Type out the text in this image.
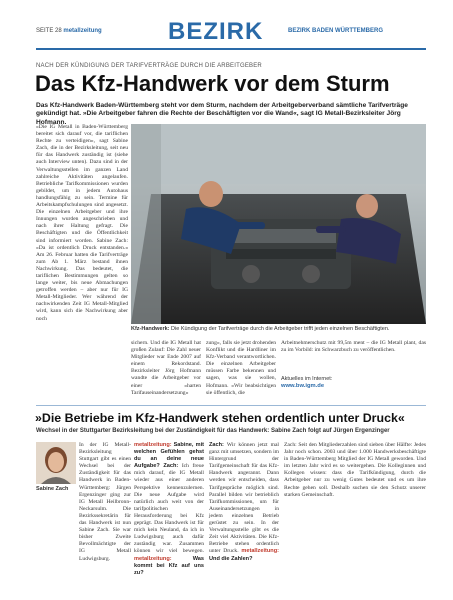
SEITE 28 metallzeitung	BEZIRK	BEZIRK BADEN WÜRTTEMBERG
NACH DER KÜNDIGUNG DER TARIFVERTRÄGE DURCH DIE ARBEITGEBER
Das Kfz-Handwerk vor dem Sturm
Das Kfz-Handwerk Baden-Württemberg steht vor dem Sturm, nachdem der Arbeitgeberverband sämtliche Tarifverträge gekündigt hat. »Die Arbeitgeber fahren die Rechte der Beschäftigten vor die Wand«, sagt IG Metall-Bezirksleiter Jörg Hofmann.
»Die IG Metall in Baden-Württemberg bereitet sich darauf vor, die tariflichen Rechte zu verteidigen«, sagt Sabine Zach, die in der Bezirksleitung, seit neu für das Handwerk zuständig ist (siehe auch Interview unten). Dazu sind in der Verwaltungsstellen im ganzen Land zahlreiche Aktivitäten angelaufen. Betriebliche Tarifkommissionen wurden gebildet, um in jedem Autohaus handlungsfähig zu sein. Termine für Arbeitskampfschulungen sind angesetzt. Die einzelnen Arbeitgeber und ihre Innungen wurden angeschrieben und nach ihrer Haltung gefragt. Die Beschäftigten und die Öffentlichkeit sind informiert worden. Sabine Zach: »Da ist ordentlich Druck entstanden.« Am 26. Februar hatten die Tarifverträge zum Ab 1. März bestand ihnen Nachwirkung. Das bedeutet, die tariflichen Bestimmungen gelten so lange weiter, bis neue Abmachungen getroffen werden – aber nur für IG Metall-Mitglieder. Wer während der nachwirkenden Zeit IG Metall-Mitglied wird, kann sich die Nachwirkung aber noch
Kfz-Handwerk: Die Kündigung der Tarifverträge durch die Arbeitgeber trifft jeden einzelnen Beschäftigten.
sichern. Und die IG Metall hat großen Zulauf: Die Zahl neuer Mitglieder war Ende 2007 auf einem Rekordstand. Bezirksleiter Jörg Hofmann wandte die Arbeitgeber vor einer »harten Tarifauseinandersetzung«
zung«, falls sie jetzt drohenden Konflikt und die Hardliner im Kfz-Verband verantwortlichen. Die einzelnen Arbeitgeber müssen Farbe bekennen und sagen, was sie wollen, Hofmann. »Wir beabsichtigen sie öffentlich, die
Arbeitnehmerschutz mit 99,5m ment – die IG Metall plant, das zu im Vorbild: im Schwarzbuch zu veröffentlichen.
Aktuelles im Internet:
www.bw.igm.de
»Die Betriebe im Kfz-Handwerk stehen ordentlich unter Druck«
Wechsel in der Stuttgarter Bezirksleitung bei der Zuständigkeit für das Handwerk: Sabine Zach folgt auf Jürgen Ergenzinger
Sabine Zach
In der IG Metall-Bezirksleitung Stuttgart gibt es einen Wechsel bei der Zuständigkeit für das Handwerk in Baden-Württemberg: Jürgen Ergenzinger ging zur IG Metall Heilbronn-Neckarsulm. Die Bezirkssekretärin für das Handwerk ist nun Sabine Zach. Sie war bisher Zweite Bevollmächtigte der IG Metall Ludwigsburg.
metallzeitung: Sabine, mit welchen Gefühlen gehst du an deine neue Aufgabe? Zach: Ich freue mich darauf, die IG Metall wieder aus einer anderen Perspektive kennenzulernen. Die neue Aufgabe wird natürlich auch weit von der tarifpolitischen Herausforderung bei Kfz geprägt. Das Handwerk ist für mich kein Neuland, da ich in Ludwigsburg auch dafür zuständig war. Zusammen können wir viel bewegen. metallzeitung:	Was kommt bei Kfz auf uns zu?
Zach: Wir können jetzt mal ganz mit umsetzen, sondern im Hintergrund der Tarifgemeinschaft für das Kfz-Handwerk angerannt. Dann werden wir entscheiden, dass Tarifgespräche möglich sind. Parallel bilden wir betrieblich Tarifkommissionen, um für Auseinandersetzungen in jedem einzelnen Betrieb gerüstet zu sein. In der Verwaltungsstelle gibt es die Zeit viel Aktivitäten. Die Kfz-Betriebe stehen ordentlich unter Druck. metallzeitung: Und die Zahlen?
Zach: Seit den Mitgliederzahlen sind sieben über Hälfte: Jedes Jahr noch schon. 2003 und über 1.000 Handwerksbeschäftigte in Baden-Württemberg Mitglied der IG Metall geworden. Und im letzten Jahr wird es so weitergehen. Die Kolleginnen und Kollegen wissen: dass die Tarifkündigung, durch die Arbeitgeber nur zu wenig Gutes bedeutet und es um ihre Rechte gehen soll. Deshalb suchen sie den Schutz unserer starken Gemeinschaft.
